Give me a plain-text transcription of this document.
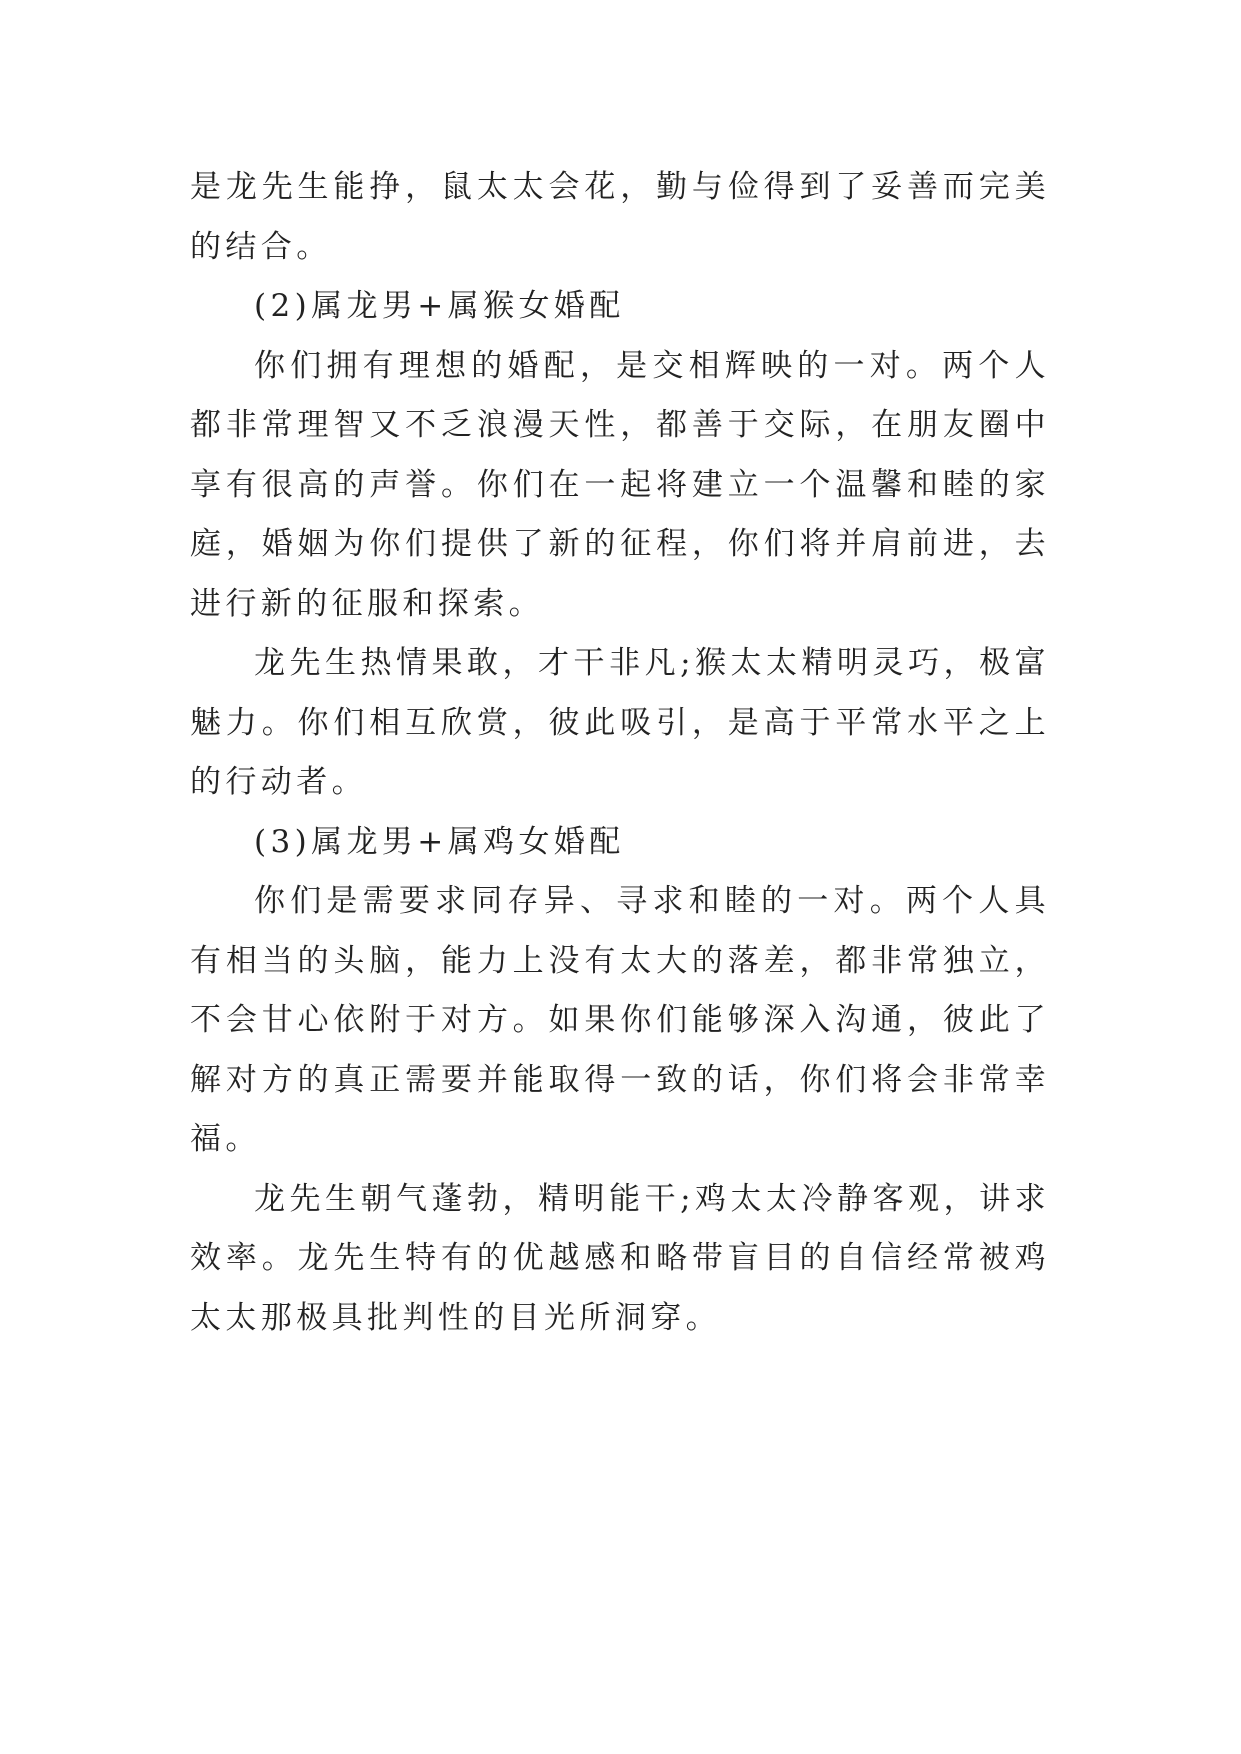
是龙先生能挣，鼠太太会花，勤与俭得到了妥善而完美的结合。

(2)属龙男+属猴女婚配

你们拥有理想的婚配，是交相辉映的一对。两个人都非常理智又不乏浪漫天性，都善于交际，在朋友圈中享有很高的声誉。你们在一起将建立一个温馨和睦的家庭，婚姻为你们提供了新的征程，你们将并肩前进，去进行新的征服和探索。

龙先生热情果敢，才干非凡;猴太太精明灵巧，极富魅力。你们相互欣赏，彼此吸引，是高于平常水平之上的行动者。

(3)属龙男+属鸡女婚配

你们是需要求同存异、寻求和睦的一对。两个人具有相当的头脑，能力上没有太大的落差，都非常独立，不会甘心依附于对方。如果你们能够深入沟通，彼此了解对方的真正需要并能取得一致的话，你们将会非常幸福。

龙先生朝气蓬勃，精明能干;鸡太太冷静客观，讲求效率。龙先生特有的优越感和略带盲目的自信经常被鸡太太那极具批判性的目光所洞穿。
